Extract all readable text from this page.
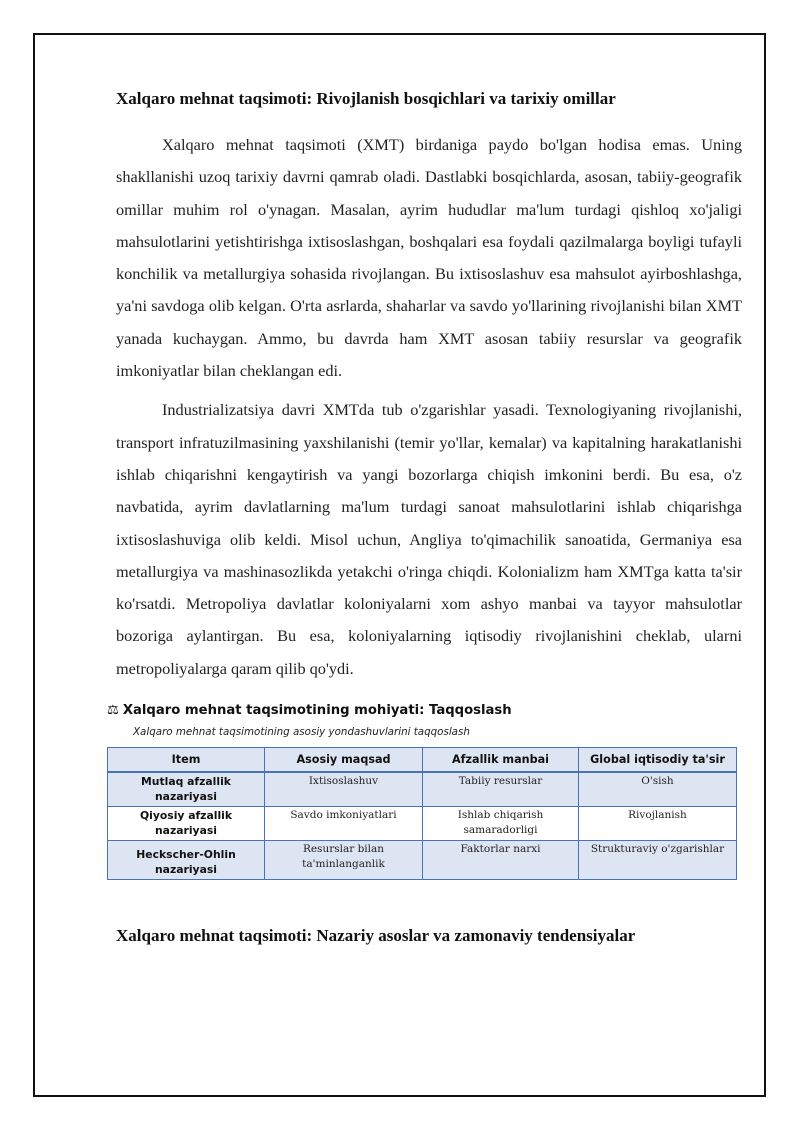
Xalqaro mehnat taqsimoti: Rivojlanish bosqichlari va tarixiy omillar

Xalqaro mehnat taqsimoti (XMT) birdaniga paydo bo'lgan hodisa emas. Uning shakllanishi uzoq tarixiy davrni qamrab oladi. Dastlabki bosqichlarda, asosan, tabiiy-geografik omillar muhim rol o'ynagan. Masalan, ayrim hududlar ma'lum turdagi qishloq xo'jaligi mahsulotlarini yetishtirishga ixtisoslashgan, boshqalari esa foydali qazilmalarga boyligi tufayli konchilik va metallurgiya sohasida rivojlangan. Bu ixtisoslashuv esa mahsulot ayirboshlashga, ya'ni savdoga olib kelgan. O'rta asrlarda, shaharlar va savdo yo'llarining rivojlanishi bilan XMT yanada kuchaygan. Ammo, bu davrda ham XMT asosan tabiiy resurslar va geografik imkoniyatlar bilan cheklangan edi.

Industrializatsiya davri XMTda tub o'zgarishlar yasadi. Texnologiyaning rivojlanishi, transport infratuzilmasining yaxshilanishi (temir yo'llar, kemalar) va kapitalning harakatlanishi ishlab chiqarishni kengaytirish va yangi bozorlarga chiqish imkonini berdi. Bu esa, o'z navbatida, ayrim davlatlarning ma'lum turdagi sanoat mahsulotlarini ishlab chiqarishga ixtisoslashuviga olib keldi. Misol uchun, Angliya to'qimachilik sanoatida, Germaniya esa metallurgiya va mashinasozlikda yetakchi o'ringa chiqdi. Kolonializm ham XMTga katta ta'sir ko'rsatdi. Metropoliya davlatlar koloniyalarni xom ashyo manbai va tayyor mahsulotlar bozoriga aylantirgan. Bu esa, koloniyalarning iqtisodiy rivojlanishini cheklab, ularni metropoliyalarga qaram qilib qo'ydi.

⚖ Xalqaro mehnat taqsimotining mohiyati: Taqqoslash
Xalqaro mehnat taqsimotining asosiy yondashuvlarini taqqoslash
Item	Asosiy maqsad	Afzallik manbai	Global iqtisodiy ta'sir
Mutlaq afzallik nazariyasi	Ixtisoslashuv	Tabiiy resurslar	O'sish
Qiyosiy afzallik nazariyasi	Savdo imkoniyatlari	Ishlab chiqarish samaradorligi	Rivojlanish
Heckscher-Ohlin nazariyasi	Resurslar bilan ta'minlanganlik	Faktorlar narxi	Strukturaviy o'zgarishlar
Xalqaro mehnat taqsimoti: Nazariy asoslar va zamonaviy tendensiyalar
